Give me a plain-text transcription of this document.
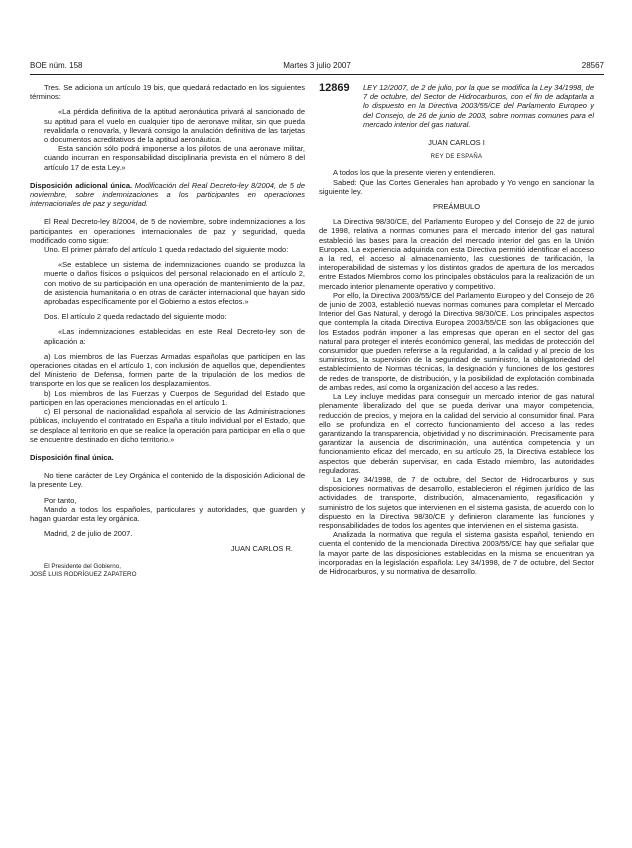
BOE núm. 158	Martes 3 julio 2007	28567

Tres. Se adiciona un artículo 19 bis, que quedará redactado en los siguientes términos:

«La pérdida definitiva de la aptitud aeronáutica privará al sancionado de su aptitud para el vuelo en cualquier tipo de aeronave militar, sin que pueda revalidarla o renovarla, y llevará consigo la anulación definitiva de las tarjetas o documentos acreditativos de la aptitud aeronáutica.

Esta sanción sólo podrá imponerse a los pilotos de una aeronave militar, cuando incurran en responsabilidad disciplinaria prevista en el número 8 del artículo 17 de esta Ley.»

Disposición adicional única. Modificación del Real Decreto-ley 8/2004, de 5 de noviembre, sobre indemnizaciones a los participantes en operaciones internacionales de paz y seguridad.

El Real Decreto-ley 8/2004, de 5 de noviembre, sobre indemnizaciones a los participantes en operaciones internacionales de paz y seguridad, queda modificado como sigue:

Uno. El primer párrafo del artículo 1 queda redactado del siguiente modo:

«Se establece un sistema de indemnizaciones cuando se produzca la muerte o daños físicos o psíquicos del personal relacionado en el artículo 2, con motivo de su participación en una operación de mantenimiento de la paz, de asistencia humanitaria o en otras de carácter internacional que hayan sido aprobadas específicamente por el Gobierno a estos efectos.»

Dos. El artículo 2 queda redactado del siguiente modo:

«Las indemnizaciones establecidas en este Real Decreto-ley son de aplicación a:

a) Los miembros de las Fuerzas Armadas españolas que participen en las operaciones citadas en el artículo 1, con inclusión de aquellos que, dependientes del Ministerio de Defensa, formen parte de la tripulación de los medios de transporte en los que se realicen los desplazamientos.

b) Los miembros de las Fuerzas y Cuerpos de Seguridad del Estado que participen en las operaciones mencionadas en el artículo 1.

c) El personal de nacionalidad española al servicio de las Administraciones públicas, incluyendo el contratado en España a título individual por el Estado, que se desplace al territorio en que se realice la operación para participar en ella o que se encuentre destinado en dicho territorio.»

Disposición final única.

No tiene carácter de Ley Orgánica el contenido de la disposición Adicional de la presente Ley.

Por tanto,

Mando a todos los españoles, particulares y autoridades, que guarden y hagan guardar esta ley orgánica.

Madrid, 2 de julio de 2007.

JUAN CARLOS R.

El Presidente del Gobierno,

JOSÉ LUIS RODRÍGUEZ ZAPATERO

12869	LEY 12/2007, de 2 de julio, por la que se modifica la Ley 34/1998, de 7 de octubre, del Sector de Hidrocarburos, con el fin de adaptarla a lo dispuesto en la Directiva 2003/55/CE del Parlamento Europeo y del Consejo, de 26 de junio de 2003, sobre normas comunes para el mercado interior del gas natural.

JUAN CARLOS I

REY DE ESPAÑA

A todos los que la presente vieren y entendieren.

Sabed: Que las Cortes Generales han aprobado y Yo vengo en sancionar la siguiente ley.

PREÁMBULO

La Directiva 98/30/CE, del Parlamento Europeo y del Consejo de 22 de junio de 1998, relativa a normas comunes para el mercado interior del gas natural estableció las bases para la creación del mercado interior del gas en la Unión Europea. La experiencia adquirida con esta Directiva permitió identificar el acceso a la red, el acceso al almacenamiento, las cuestiones de tarificación, la interoperabilidad de sistemas y los distintos grados de apertura de los mercados entre Estados Miembros como los principales obstáculos para la realización de un mercado interior plenamente operativo y competitivo.

Por ello, la Directiva 2003/55/CE del Parlamento Europeo y del Consejo de 26 de junio de 2003, estableció nuevas normas comunes para completar el Mercado Interior del Gas Natural, y derogó la Directiva 98/30/CE. Los principales aspectos que contempla la citada Directiva Europea 2003/55/CE son las obligaciones que los Estados podrán imponer a las empresas que operan en el sector del gas natural para proteger el interés económico general, las medidas de protección del consumidor que pueden referirse a la regularidad, a la calidad y al precio de los suministros, la supervisión de la seguridad de suministro, la obligatoriedad del establecimiento de Normas técnicas, la designación y funciones de los gestores de redes de transporte, de distribución, y la posibilidad de explotación combinada de ambas redes, así como la organización del acceso a las redes.

La Ley incluye medidas para conseguir un mercado interior de gas natural plenamente liberalizado del que se pueda derivar una mayor competencia, reducción de precios, y mejora en la calidad del servicio al consumidor final. Para ello se profundiza en el correcto funcionamiento del acceso a las redes garantizando la transparencia, objetividad y no discriminación. Precisamente para garantizar la ausencia de discriminación, una auténtica competencia y un funcionamiento eficaz del mercado, en su artículo 25, la Directiva establece los aspectos que deberán supervisar, en cada Estado miembro, las autoridades reguladoras.

La Ley 34/1998, de 7 de octubre, del Sector de Hidrocarburos y sus disposiciones normativas de desarrollo, establecieron el régimen jurídico de las actividades de transporte, distribución, almacenamiento, regasificación y suministro de los sujetos que intervienen en el sistema gasista, de acuerdo con lo dispuesto en la Directiva 98/30/CE y definieron claramente las funciones y responsabilidades de todos los agentes que intervienen en el sistema gasista.

Analizada la normativa que regula el sistema gasista español, teniendo en cuenta el contenido de la mencionada Directiva 2003/55/CE hay que señalar que la mayor parte de las disposiciones establecidas en la misma se encuentran ya incorporadas en la legislación española: Ley 34/1998, de 7 de octubre, del Sector de Hidrocarburos, y su normativa de desarrollo.
